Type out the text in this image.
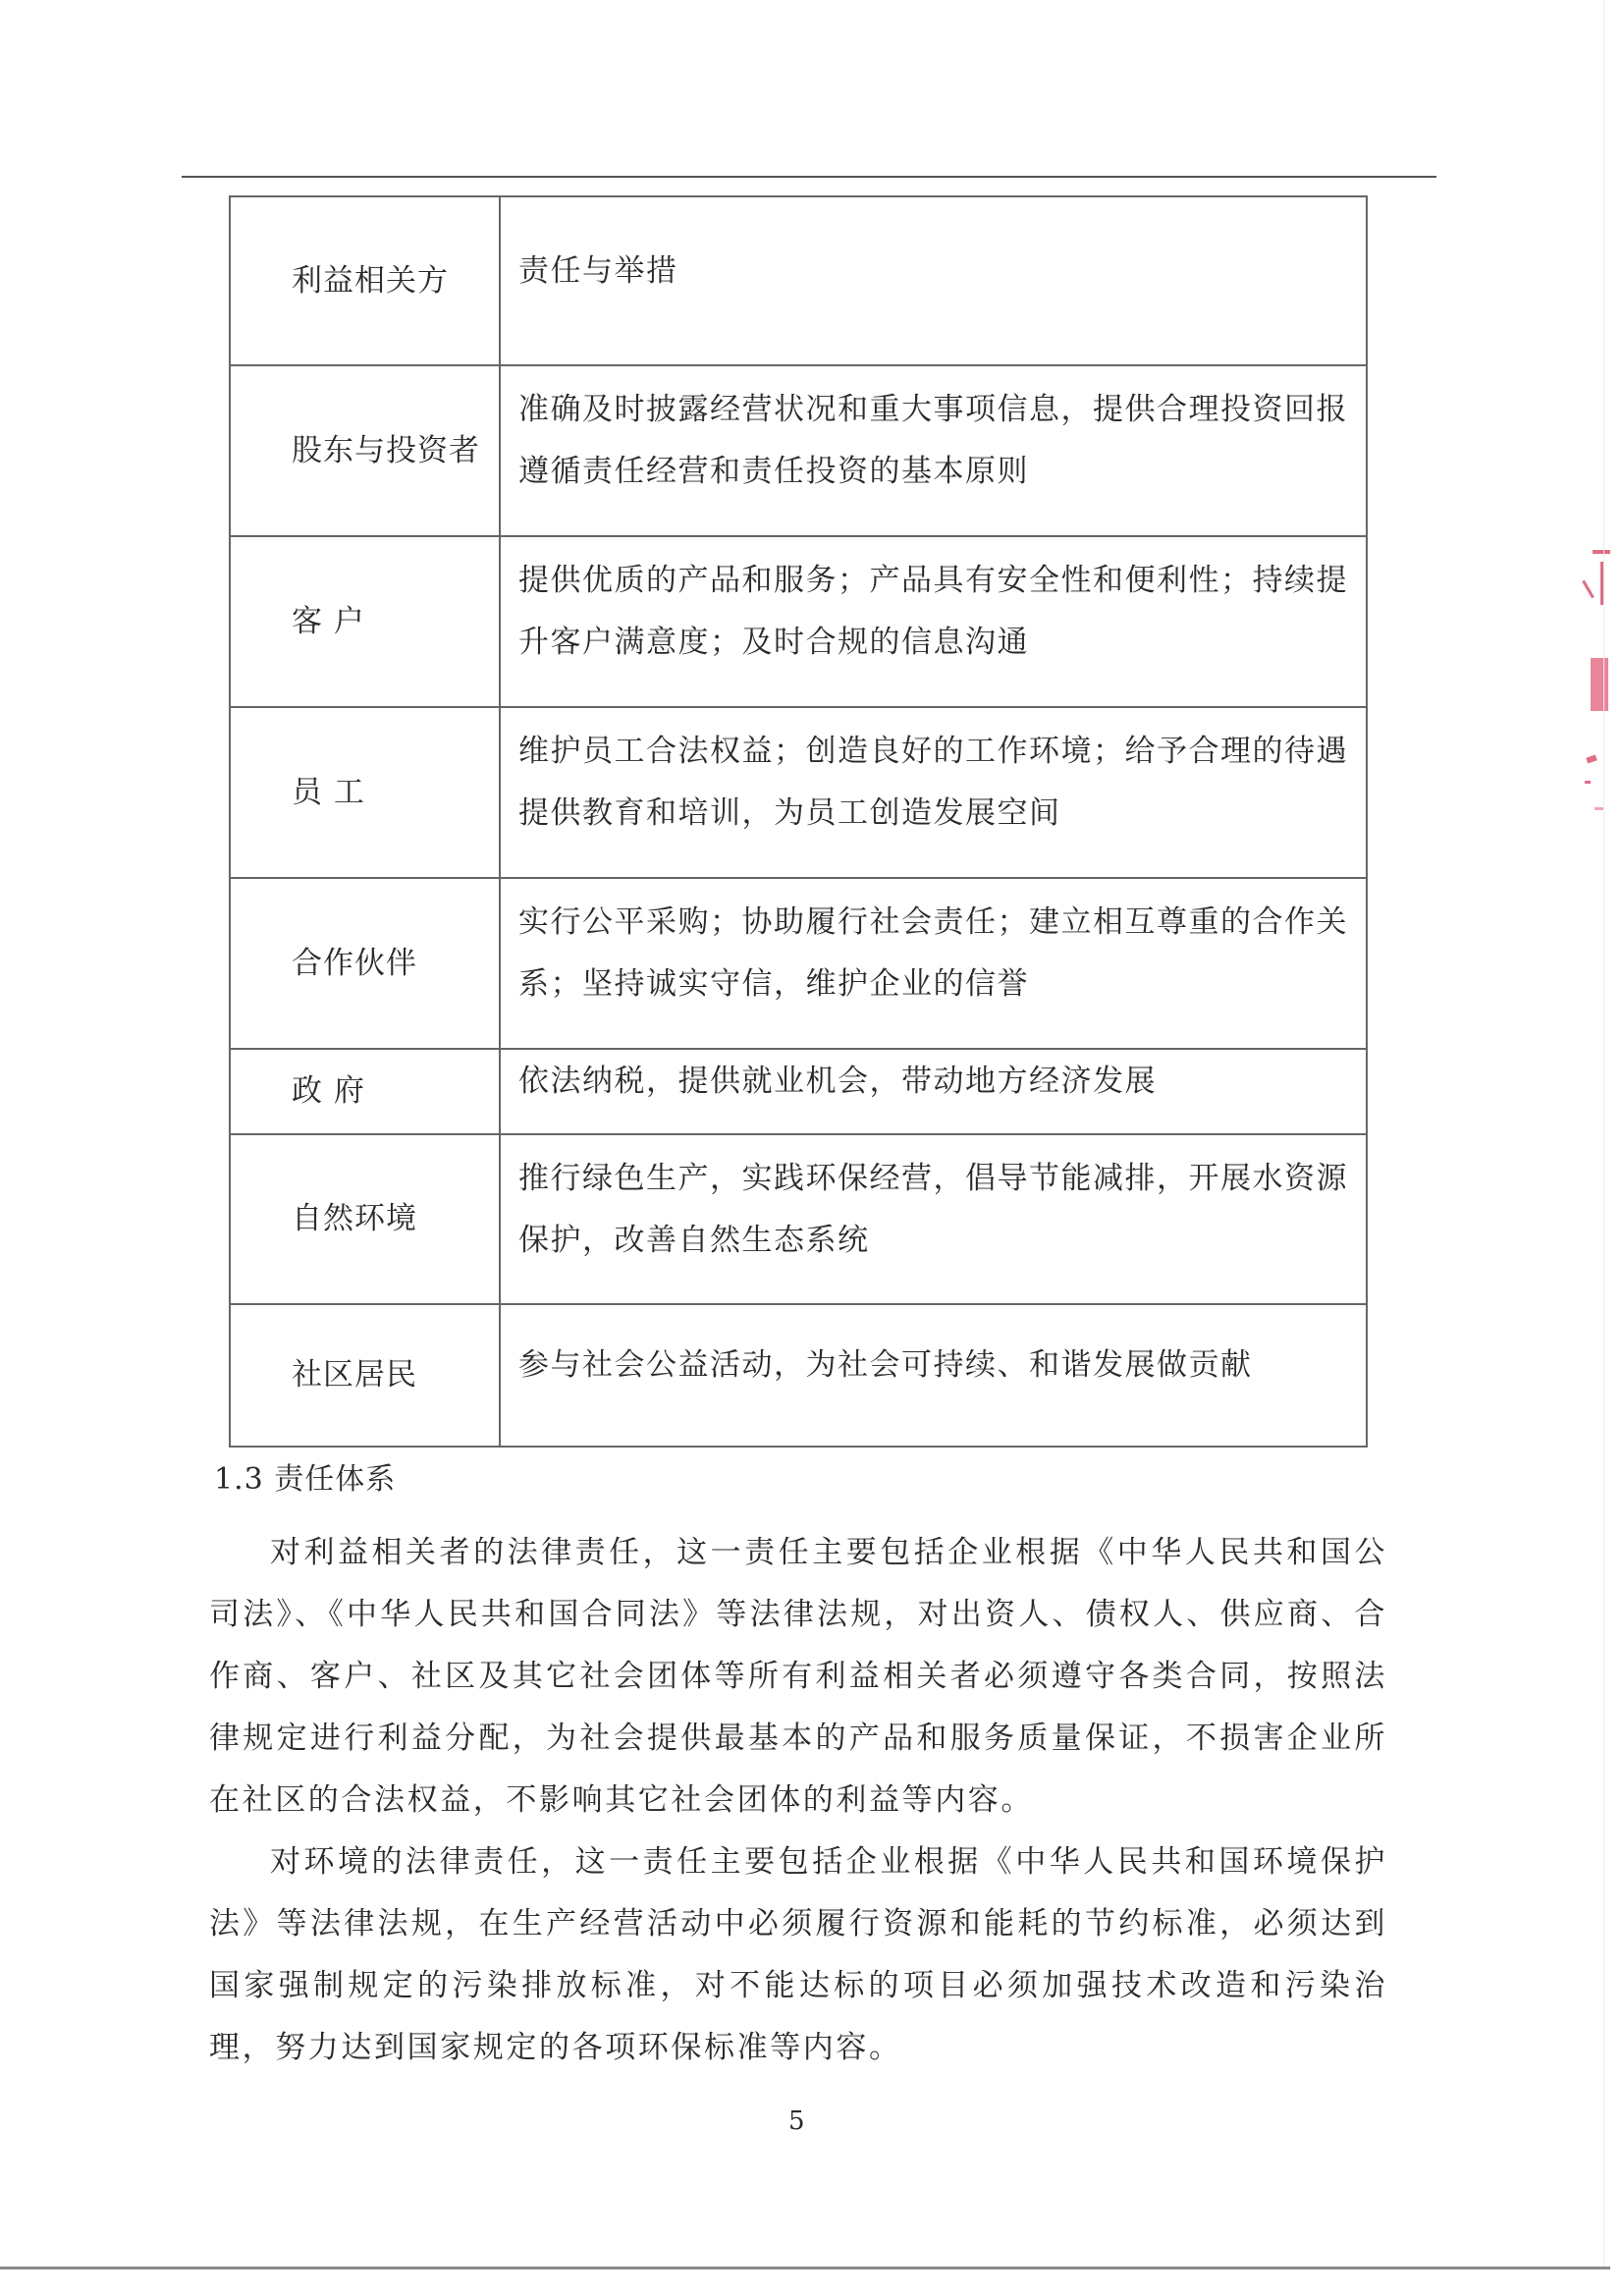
利益相关方	责任与举措

股东与投资者	准确及时披露经营状况和重大事项信息，提供合理投资回报遵循责任经营和责任投资的基本原则

客 户	提供优质的产品和服务；产品具有安全性和便利性；持续提升客户满意度；及时合规的信息沟通

员 工	维护员工合法权益；创造良好的工作环境；给予合理的待遇提供教育和培训，为员工创造发展空间

合作伙伴	实行公平采购；协助履行社会责任；建立相互尊重的合作关系；坚持诚实守信，维护企业的信誉

政 府	依法纳税，提供就业机会，带动地方经济发展

自然环境	推行绿色生产，实践环保经营，倡导节能减排，开展水资源保护，改善自然生态系统

社区居民	参与社会公益活动，为社会可持续、和谐发展做贡献
1.3 责任体系

对利益相关者的法律责任，这一责任主要包括企业根据《中华人民共和国公司法》、《中华人民共和国合同法》等法律法规，对出资人、债权人、供应商、合作商、客户、社区及其它社会团体等所有利益相关者必须遵守各类合同，按照法律规定进行利益分配，为社会提供最基本的产品和服务质量保证，不损害企业所在社区的合法权益，不影响其它社会团体的利益等内容。

对环境的法律责任，这一责任主要包括企业根据《中华人民共和国环境保护法》等法律法规，在生产经营活动中必须履行资源和能耗的节约标准，必须达到国家强制规定的污染排放标准，对不能达标的项目必须加强技术改造和污染治理，努力达到国家规定的各项环保标准等内容。

5
